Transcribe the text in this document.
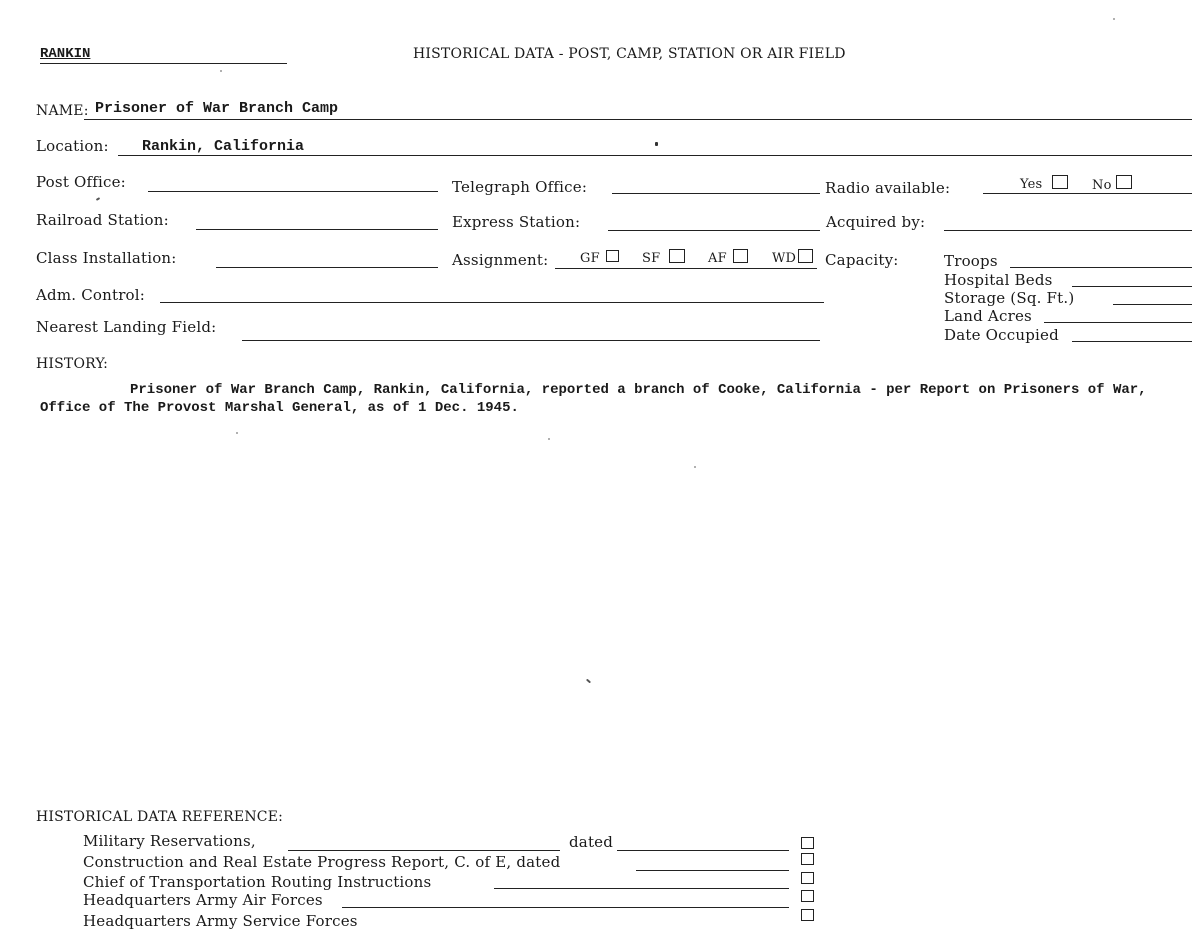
RANKIN	HISTORICAL DATA - POST, CAMP, STATION OR AIR FIELD
NAME: Prisoner of War Branch Camp
Location: Rankin, California
Post Office:	Telegraph Office:	Radio available:	Yes	No
Railroad Station:	Express Station:	Acquired by:
Class Installation:	Assignment: GF	SF	AF	WD Capacity:	Troops
Hospital Beds
Storage (Sq. Ft.)
Land Acres
Date Occupied
Adm. Control:
Nearest Landing Field:
HISTORY:
Prisoner of War Branch Camp, Rankin, California, reported a branch of Cooke, California - per Report on Prisoners of War, Office of The Provost Marshal General, as of 1 Dec. 1945.
HISTORICAL DATA REFERENCE:
Military Reservations,	dated
Construction and Real Estate Progress Report, C. of E, dated
Chief of Transportation Routing Instructions
Headquarters Army Air Forces
Headquarters Army Service Forces
